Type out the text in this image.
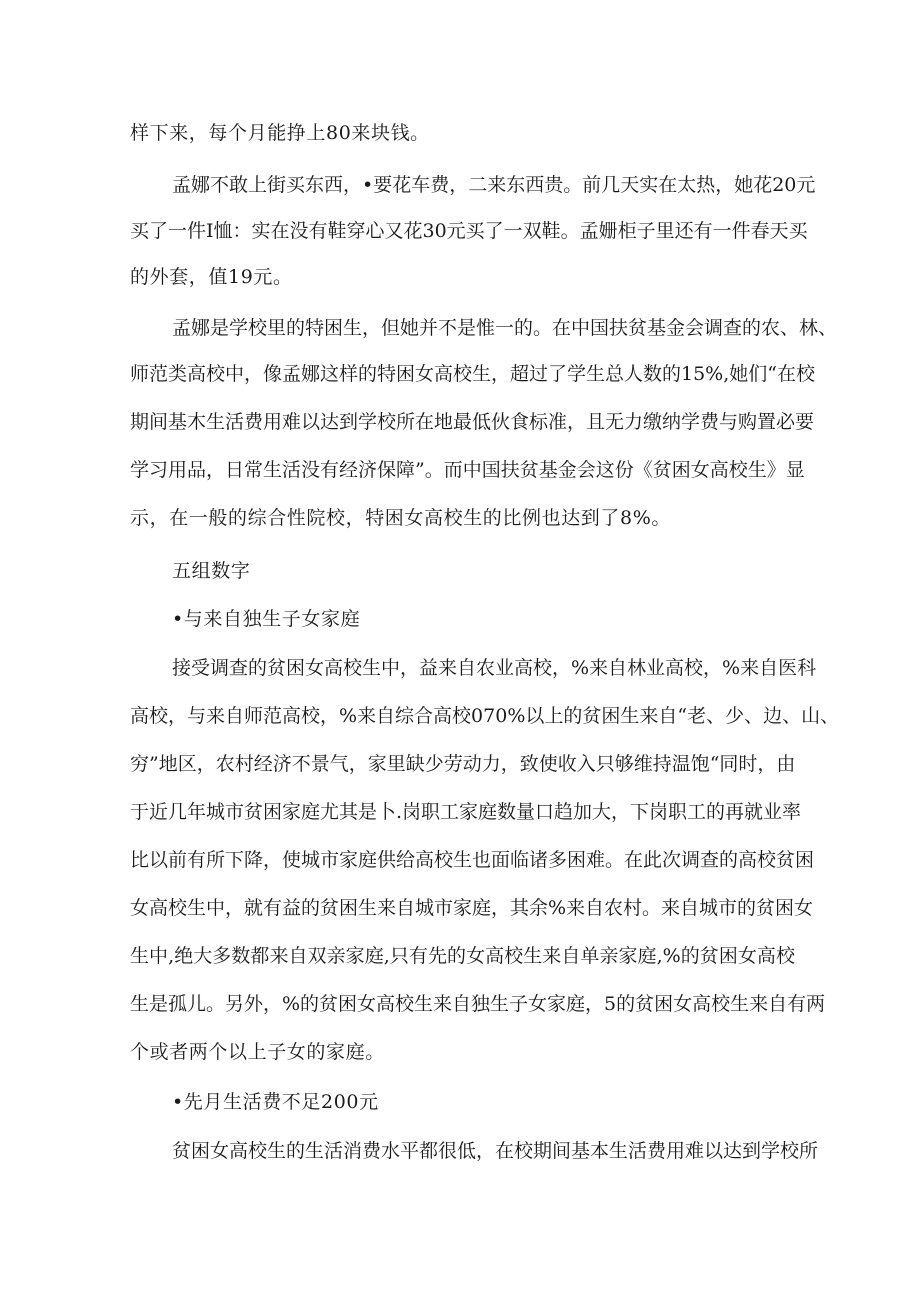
样下来，每个月能挣上80来块钱。
孟娜不敢上街买东西，•要花车费，二来东西贵。前几天实在太热，她花20元
买了一件I恤：实在没有鞋穿心又花30元买了一双鞋。孟姗柜子里还有一件春天买
的外套，值19元。
孟娜是学校里的特困生，但她并不是惟一的。在中国扶贫基金会调查的农、林、
师范类高校中，像孟娜这样的特困女高校生，超过了学生总人数的15%,她们“在校
期间基木生活费用难以达到学校所在地最低伙食标准，且无力缴纳学费与购置必要
学习用品，日常生活没有经济保障”。而中国扶贫基金会这份《贫困女高校生》显
示，在一般的综合性院校，特困女高校生的比例也达到了8%。
五组数字
•与来自独生子女家庭
接受调查的贫困女高校生中，益来自农业高校，%来自林业高校，%来自医科
高校，与来自师范高校，%来自综合高校070%以上的贫困生来自“老、少、边、山、
穷”地区，农村经济不景气，家里缺少劳动力，致使收入只够维持温饱“同时，由
于近几年城市贫困家庭尤其是卜.岗职工家庭数量口趋加大，下岗职工的再就业率
比以前有所下降，使城市家庭供给高校生也面临诸多困难。在此次调查的高校贫困
女高校生中，就有益的贫困生来自城市家庭，其余%来自农村。来自城市的贫困女
生中,绝大多数都来自双亲家庭,只有先的女高校生来自单亲家庭,%的贫困女高校
生是孤儿。另外，%的贫困女高校生来自独生子女家庭，5的贫困女高校生来自有两
个或者两个以上子女的家庭。
•先月生活费不足200元
贫困女高校生的生活消费水平都很低，在校期间基本生活费用难以达到学校所
